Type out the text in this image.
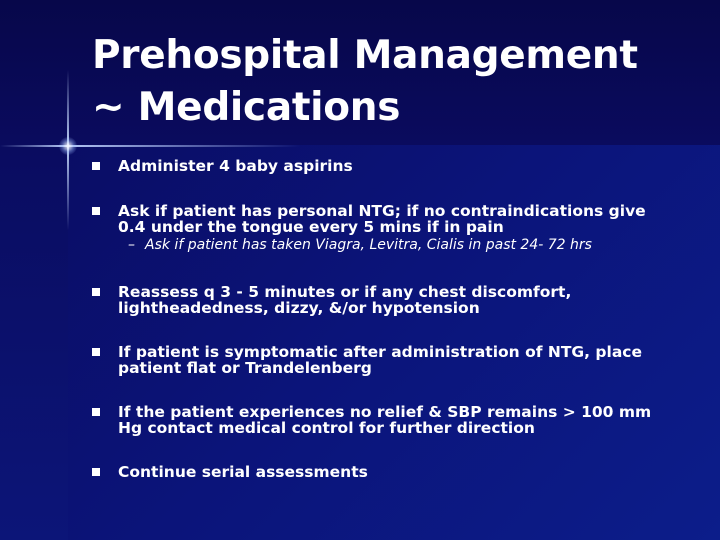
Prehospital Management
~ Medications
Administer 4 baby aspirins
Ask if patient has personal NTG; if no contraindications give
0.4 under the tongue every 5 mins if in pain
– Ask if patient has taken Viagra, Levitra, Cialis in past 24- 72 hrs
Reassess q 3 - 5 minutes or if any chest discomfort,
lightheadedness, dizzy, &/or hypotension
If patient is symptomatic after administration of NTG, place
patient flat or Trandelenberg
If the patient experiences no relief & SBP remains > 100 mm
Hg contact medical control for further direction
Continue serial assessments
